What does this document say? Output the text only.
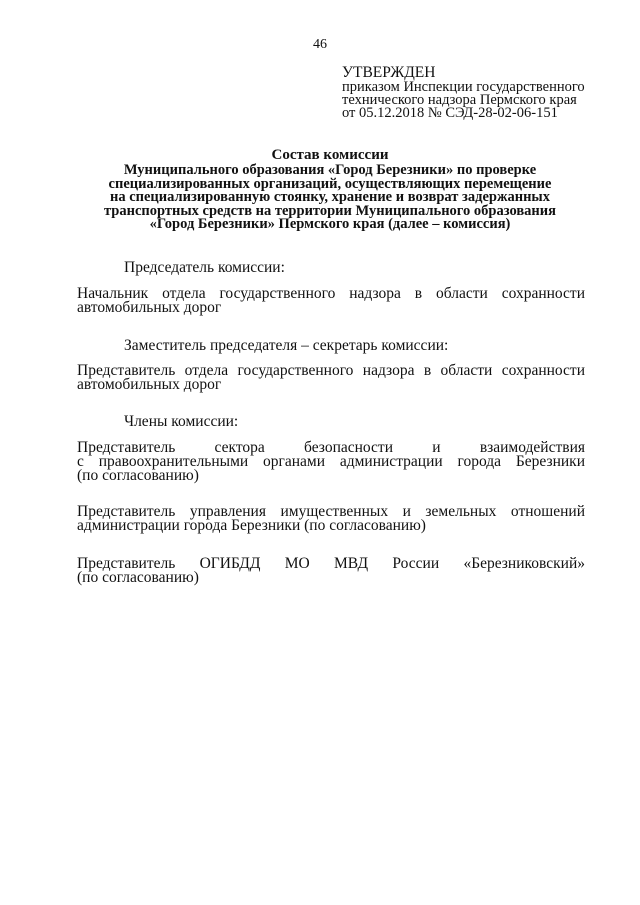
46
УТВЕРЖДЕН
приказом Инспекции государственного
технического надзора Пермского края
от 05.12.2018 № СЭД-28-02-06-151
Состав комиссии
Муниципального образования «Город Березники» по проверке
специализированных организаций, осуществляющих перемещение
на специализированную стоянку, хранение и возврат задержанных
транспортных средств на территории Муниципального образования
«Город Березники» Пермского края (далее – комиссия)
Председатель комиссии:
Начальник отдела государственного надзора в области сохранности
автомобильных дорог
Заместитель председателя – секретарь комиссии:
Представитель отдела государственного надзора в области сохранности
автомобильных дорог
Члены комиссии:
Представитель сектора безопасности и взаимодействия
с правоохранительными органами администрации города Березники
(по согласованию)
Представитель управления имущественных и земельных отношений
администрации города Березники (по согласованию)
Представитель ОГИБДД МО МВД России «Березниковский»
(по согласованию)
